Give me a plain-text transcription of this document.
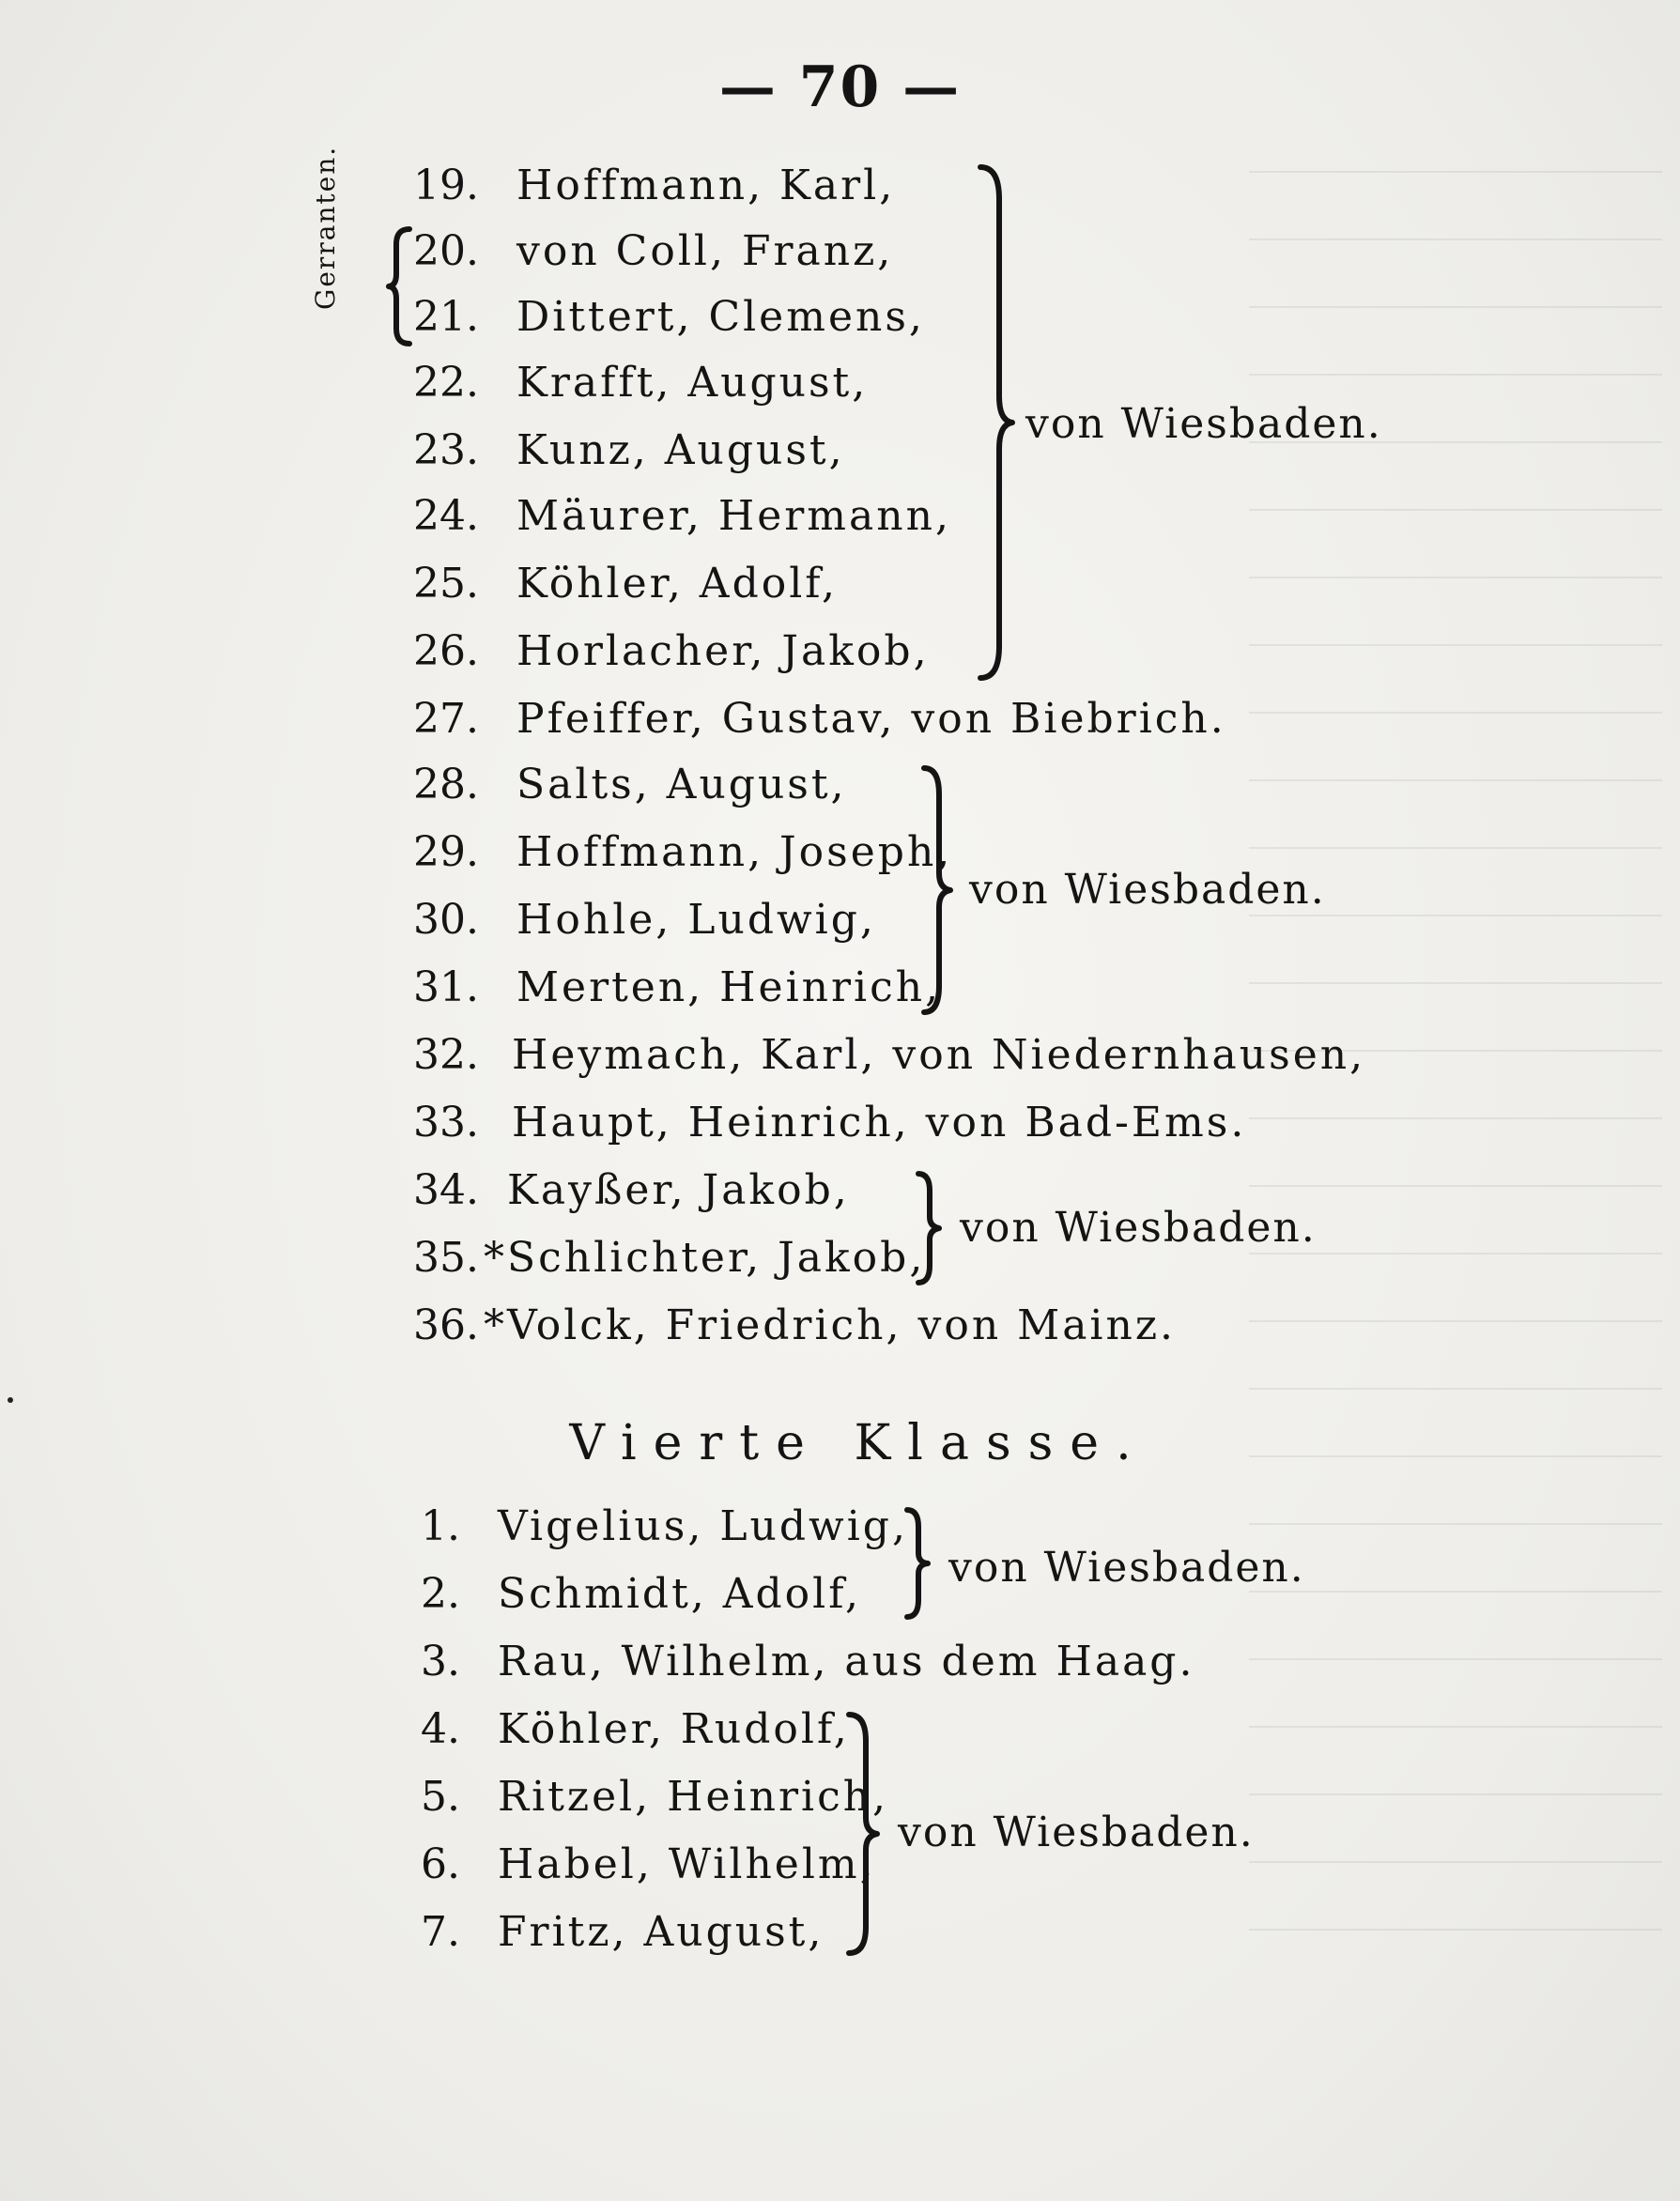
— 70 —
Gerranten.	19. Hoffmann, Karl,
20. von Coll, Franz,
21. Dittert, Clemens,
22. Krafft, August,
23. Kunz, August,
24. Mäurer, Hermann,
25. Köhler, Adolf,
26. Horlacher, Jakob,
27. Pfeiffer, Gustav, von Biebrich.
28. Salts, August,
29. Hoffmann, Joseph,
30. Hohle, Ludwig,
31. Merten, Heinrich,
32. Heymach, Karl, von Niedernhausen,
33. Haupt, Heinrich, von Bad-Ems.
34. Kayßer, Jakob,
35. *Schlichter, Jakob,
36. *Volck, Friedrich, von Mainz.
von Wiesbaden.
von Wiesbaden.
von Wiesbaden.
Vierte Klasse.
1. Vigelius, Ludwig,
2. Schmidt, Adolf,
3. Rau, Wilhelm, aus dem Haag.
4. Köhler, Rudolf,
5. Ritzel, Heinrich,
6. Habel, Wilhelm,
7. Fritz, August,
von Wiesbaden.
von Wiesbaden.
